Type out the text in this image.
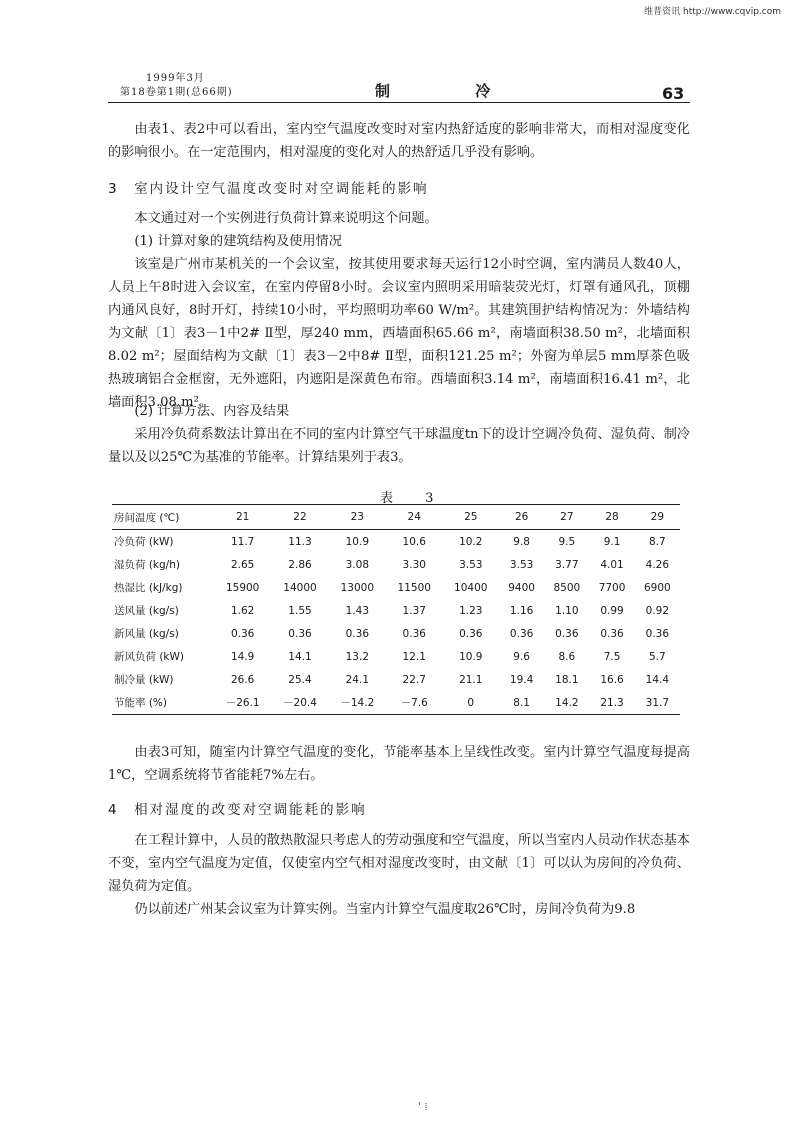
维普资讯 http://www.cqvip.com
1999年3月
第18卷第1期(总66期)	制 冷	63
由表1、表2中可以看出，室内空气温度改变时对室内热舒适度的影响非常大，而相对湿度变化的影响很小。在一定范围内，相对湿度的变化对人的热舒适几乎没有影响。
3　室内设计空气温度改变时对空调能耗的影响
本文通过对一个实例进行负荷计算来说明这个问题。
(1) 计算对象的建筑结构及使用情况
该室是广州市某机关的一个会议室，按其使用要求每天运行12小时空调，室内满员人数40人，人员上午8时进入会议室，在室内停留8小时。会议室内照明采用暗装荧光灯，灯罩有通风孔，顶棚内通风良好，8时开灯，持续10小时，平均照明功率60 W/m²。其建筑围护结构情况为：外墙结构为文献〔1〕表3－1中2# Ⅱ型，厚240 mm，西墙面积65.66 m²，南墙面积38.50 m²，北墙面积8.02 m²；屋面结构为文献〔1〕表3－2中8# Ⅱ型，面积121.25 m²；外窗为单层5 mm厚茶色吸热玻璃铝合金框窗，无外遮阳，内遮阳是深黄色布帘。西墙面积3.14 m²，南墙面积16.41 m²，北墙面积3.08 m²。
(2) 计算方法、内容及结果
采用冷负荷系数法计算出在不同的室内计算空气干球温度tn下的设计空调冷负荷、湿负荷、制冷量以及以25℃为基准的节能率。计算结果列于表3。
表 3
房间温度 (℃)	21	22	23	24	25	26	27	28	29
冷负荷 (kW)	11.7	11.3	10.9	10.6	10.2	9.8	9.5	9.1	8.7
湿负荷 (kg/h)	2.65	2.86	3.08	3.30	3.53	3.53	3.77	4.01	4.26
热湿比 (kJ/kg)	15900	14000	13000	11500	10400	9400	8500	7700	6900
送风量 (kg/s)	1.62	1.55	1.43	1.37	1.23	1.16	1.10	0.99	0.92
新风量 (kg/s)	0.36	0.36	0.36	0.36	0.36	0.36	0.36	0.36	0.36
新风负荷 (kW)	14.9	14.1	13.2	12.1	10.9	9.6	8.6	7.5	5.7
制冷量 (kW)	26.6	25.4	24.1	22.7	21.1	19.4	18.1	16.6	14.4
节能率 (%)	－26.1	－20.4	－14.2	－7.6	0	8.1	14.2	21.3	31.7
由表3可知，随室内计算空气温度的变化，节能率基本上呈线性改变。室内计算空气温度每提高1℃，空调系统将节省能耗7%左右。
4　相对湿度的改变对空调能耗的影响
在工程计算中，人员的散热散湿只考虑人的劳动强度和空气温度，所以当室内人员动作状态基本不变，室内空气温度为定值，仅使室内空气相对湿度改变时，由文献〔1〕可以认为房间的冷负荷、湿负荷为定值。
仍以前述广州某会议室为计算实例。当室内计算空气温度取26℃时，房间冷负荷为9.8
' ⁞
